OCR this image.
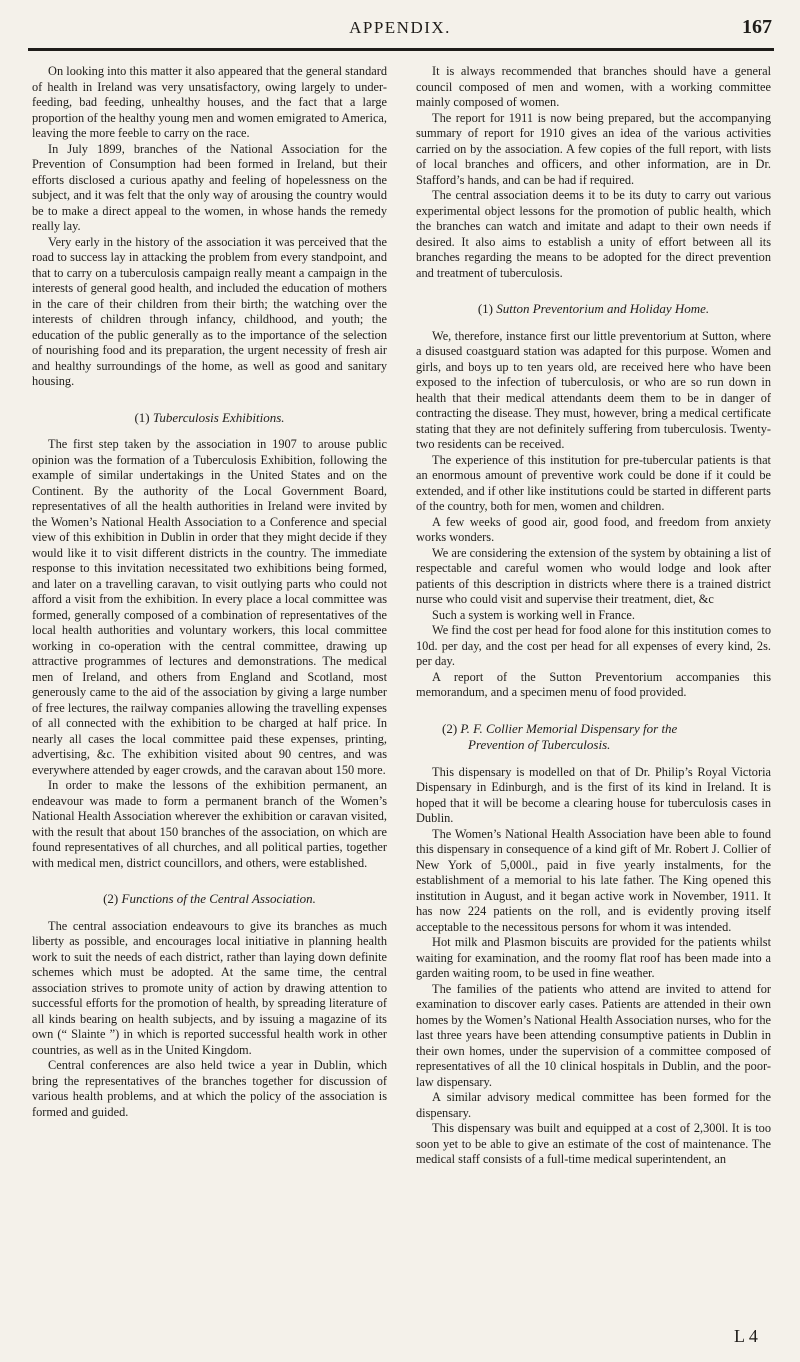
APPENDIX.	167

On looking into this matter it also appeared that the general standard of health in Ireland was very unsatisfactory, owing largely to under-feeding, bad feeding, unhealthy houses, and the fact that a large proportion of the healthy young men and women emigrated to America, leaving the more feeble to carry on the race.

In July 1899, branches of the National Association for the Prevention of Consumption had been formed in Ireland, but their efforts disclosed a curious apathy and feeling of hopelessness on the subject, and it was felt that the only way of arousing the country would be to make a direct appeal to the women, in whose hands the remedy really lay.

Very early in the history of the association it was perceived that the road to success lay in attacking the problem from every standpoint, and that to carry on a tuberculosis campaign really meant a campaign in the interests of general good health, and included the education of mothers in the care of their children from their birth; the watching over the interests of children through infancy, childhood, and youth; the education of the public generally as to the importance of the selection of nourishing food and its preparation, the urgent necessity of fresh air and healthy surroundings of the home, as well as good and sanitary housing.

(1) Tuberculosis Exhibitions.

The first step taken by the association in 1907 to arouse public opinion was the formation of a Tuberculosis Exhibition, following the example of similar undertakings in the United States and on the Continent. By the authority of the Local Government Board, representatives of all the health authorities in Ireland were invited by the Women’s National Health Association to a Conference and special view of this exhibition in Dublin in order that they might decide if they would like it to visit different districts in the country. The immediate response to this invitation necessitated two exhibitions being formed, and later on a travelling caravan, to visit outlying parts who could not afford a visit from the exhibition. In every place a local committee was formed, generally composed of a combination of representatives of the local health authorities and voluntary workers, this local committee working in co-operation with the central committee, drawing up attractive programmes of lectures and demonstrations. The medical men of Ireland, and others from England and Scotland, most generously came to the aid of the association by giving a large number of free lectures, the railway companies allowing the travelling expenses of all connected with the exhibition to be charged at half price. In nearly all cases the local committee paid these expenses, printing, advertising, &c. The exhibition visited about 90 centres, and was everywhere attended by eager crowds, and the caravan about 150 more.

In order to make the lessons of the exhibition permanent, an endeavour was made to form a permanent branch of the Women’s National Health Association wherever the exhibition or caravan visited, with the result that about 150 branches of the association, on which are found representatives of all churches, and all political parties, together with medical men, district councillors, and others, were established.

(2) Functions of the Central Association.

The central association endeavours to give its branches as much liberty as possible, and encourages local initiative in planning health work to suit the needs of each district, rather than laying down definite schemes which must be adopted. At the same time, the central association strives to promote unity of action by drawing attention to successful efforts for the promotion of health, by spreading literature of all kinds bearing on health subjects, and by issuing a magazine of its own (“ Slainte ”) in which is reported successful health work in other countries, as well as in the United Kingdom.

Central conferences are also held twice a year in Dublin, which bring the representatives of the branches together for discussion of various health problems, and at which the policy of the association is formed and guided.

It is always recommended that branches should have a general council composed of men and women, with a working committee mainly composed of women.

The report for 1911 is now being prepared, but the accompanying summary of report for 1910 gives an idea of the various activities carried on by the association. A few copies of the full report, with lists of local branches and officers, and other information, are in Dr. Stafford’s hands, and can be had if required.

The central association deems it to be its duty to carry out various experimental object lessons for the promotion of public health, which the branches can watch and imitate and adapt to their own needs if desired. It also aims to establish a unity of effort between all its branches regarding the means to be adopted for the direct prevention and treatment of tuberculosis.

(1) Sutton Preventorium and Holiday Home.

We, therefore, instance first our little preventorium at Sutton, where a disused coastguard station was adapted for this purpose. Women and girls, and boys up to ten years old, are received here who have been exposed to the infection of tuberculosis, or who are so run down in health that their medical attendants deem them to be in danger of contracting the disease. They must, however, bring a medical certificate stating that they are not definitely suffering from tuberculosis. Twenty-two residents can be received.

The experience of this institution for pre-tubercular patients is that an enormous amount of preventive work could be done if it could be extended, and if other like institutions could be started in different parts of the country, both for men, women and children.

A few weeks of good air, good food, and freedom from anxiety works wonders.

We are considering the extension of the system by obtaining a list of respectable and careful women who would lodge and look after patients of this description in districts where there is a trained district nurse who could visit and supervise their treatment, diet, &c

Such a system is working well in France.

We find the cost per head for food alone for this institution comes to 10d. per day, and the cost per head for all expenses of every kind, 2s. per day.

A report of the Sutton Preventorium accompanies this memorandum, and a specimen menu of food provided.

(2) P. F. Collier Memorial Dispensary for the
Prevention of Tuberculosis.

This dispensary is modelled on that of Dr. Philip’s Royal Victoria Dispensary in Edinburgh, and is the first of its kind in Ireland. It is hoped that it will be become a clearing house for tuberculosis cases in Dublin.

The Women’s National Health Association have been able to found this dispensary in consequence of a kind gift of Mr. Robert J. Collier of New York of 5,000l., paid in five yearly instalments, for the establishment of a memorial to his late father. The King opened this institution in August, and it began active work in November, 1911. It has now 224 patients on the roll, and is evidently proving itself acceptable to the necessitous persons for whom it was intended.

Hot milk and Plasmon biscuits are provided for the patients whilst waiting for examination, and the roomy flat roof has been made into a garden waiting room, to be used in fine weather.

The families of the patients who attend are invited to attend for examination to discover early cases. Patients are attended in their own homes by the Women’s National Health Association nurses, who for the last three years have been attending consumptive patients in Dublin in their own homes, under the supervision of a committee composed of representatives of all the 10 clinical hospitals in Dublin, and the poor-law dispensary.

A similar advisory medical committee has been formed for the dispensary.

This dispensary was built and equipped at a cost of 2,300l. It is too soon yet to be able to give an estimate of the cost of maintenance. The medical staff consists of a full-time medical superintendent, an

L 4
